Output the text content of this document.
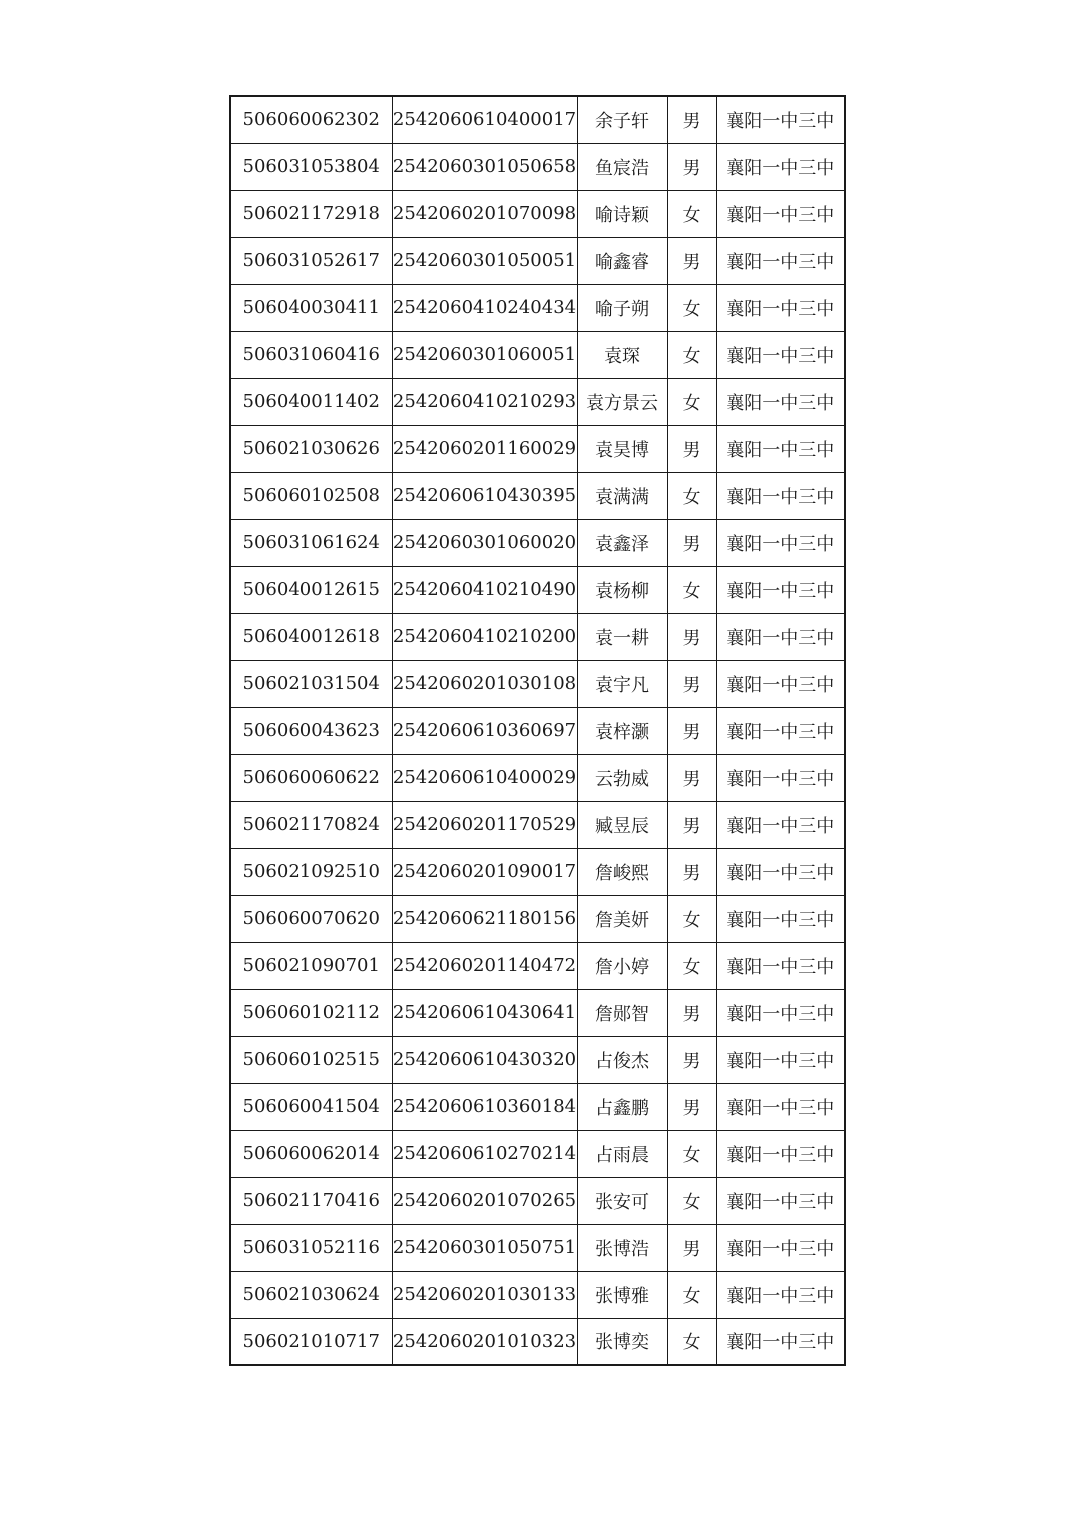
506060062302	2542060610400017	余子轩	男	襄阳一中三中
506031053804	2542060301050658	鱼宸浩	男	襄阳一中三中
506021172918	2542060201070098	喻诗颖	女	襄阳一中三中
506031052617	2542060301050051	喻鑫睿	男	襄阳一中三中
506040030411	2542060410240434	喻子朔	女	襄阳一中三中
506031060416	2542060301060051	袁琛	女	襄阳一中三中
506040011402	2542060410210293	袁方景云	女	襄阳一中三中
506021030626	2542060201160029	袁昊博	男	襄阳一中三中
506060102508	2542060610430395	袁满满	女	襄阳一中三中
506031061624	2542060301060020	袁鑫泽	男	襄阳一中三中
506040012615	2542060410210490	袁杨柳	女	襄阳一中三中
506040012618	2542060410210200	袁一耕	男	襄阳一中三中
506021031504	2542060201030108	袁宇凡	男	襄阳一中三中
506060043623	2542060610360697	袁梓灏	男	襄阳一中三中
506060060622	2542060610400029	云勃威	男	襄阳一中三中
506021170824	2542060201170529	臧昱辰	男	襄阳一中三中
506021092510	2542060201090017	詹峻熙	男	襄阳一中三中
506060070620	2542060621180156	詹美妍	女	襄阳一中三中
506021090701	2542060201140472	詹小婷	女	襄阳一中三中
506060102112	2542060610430641	詹郧智	男	襄阳一中三中
506060102515	2542060610430320	占俊杰	男	襄阳一中三中
506060041504	2542060610360184	占鑫鹏	男	襄阳一中三中
506060062014	2542060610270214	占雨晨	女	襄阳一中三中
506021170416	2542060201070265	张安可	女	襄阳一中三中
506031052116	2542060301050751	张博浩	男	襄阳一中三中
506021030624	2542060201030133	张博雅	女	襄阳一中三中
506021010717	2542060201010323	张博奕	女	襄阳一中三中
